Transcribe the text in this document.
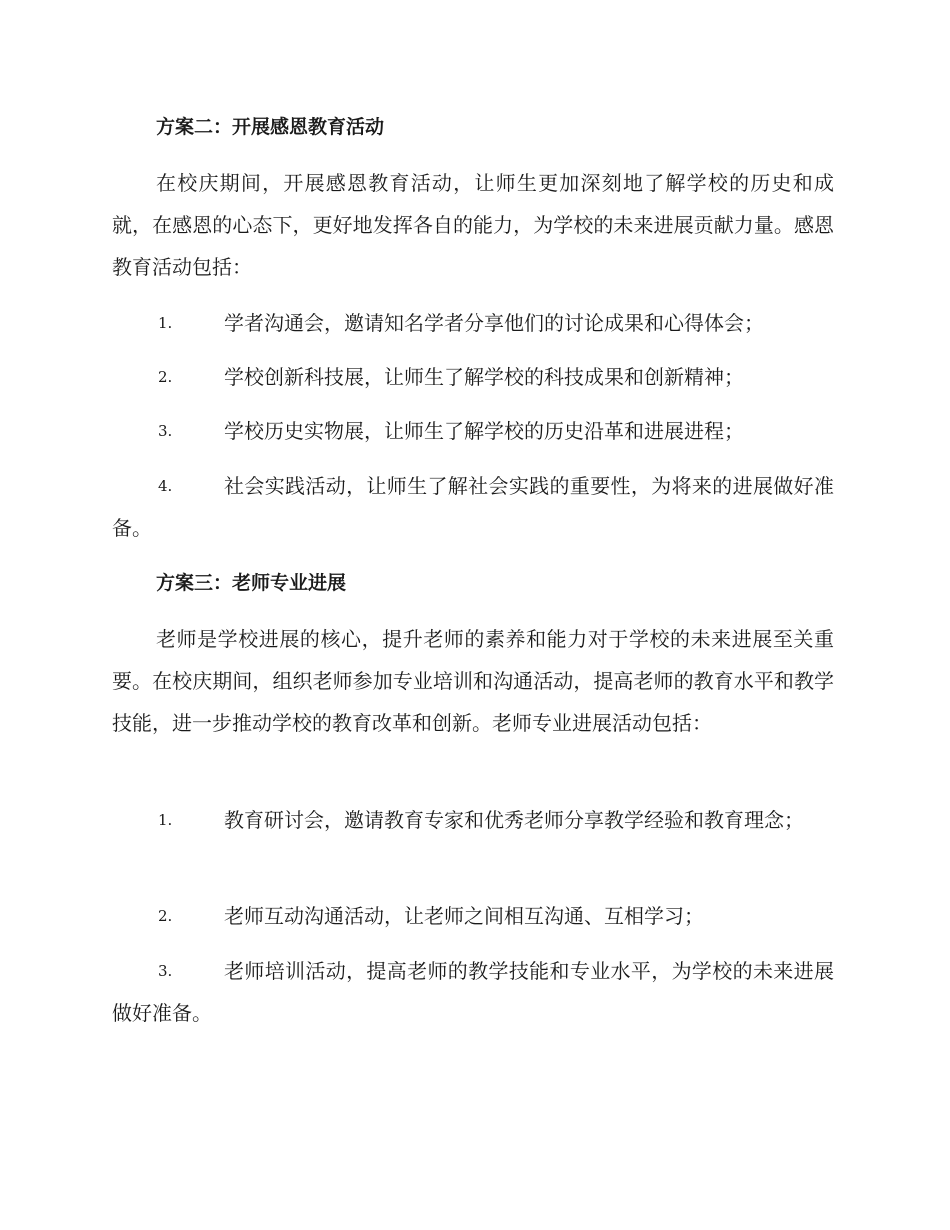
方案二：开展感恩教育活动
在校庆期间，开展感恩教育活动，让师生更加深刻地了解学校的历史和成就，在感恩的心态下，更好地发挥各自的能力，为学校的未来进展贡献力量。感恩教育活动包括：
1.	学者沟通会，邀请知名学者分享他们的讨论成果和心得体会；
2.	学校创新科技展，让师生了解学校的科技成果和创新精神；
3.	学校历史实物展，让师生了解学校的历史沿革和进展进程；
4.	社会实践活动，让师生了解社会实践的重要性，为将来的进展做好准备。
方案三：老师专业进展
老师是学校进展的核心，提升老师的素养和能力对于学校的未来进展至关重要。在校庆期间，组织老师参加专业培训和沟通活动，提高老师的教育水平和教学技能，进一步推动学校的教育改革和创新。老师专业进展活动包括：
1.	教育研讨会，邀请教育专家和优秀老师分享教学经验和教育理念；
2.	老师互动沟通活动，让老师之间相互沟通、互相学习；
3.	老师培训活动，提高老师的教学技能和专业水平，为学校的未来进展做好准备。
